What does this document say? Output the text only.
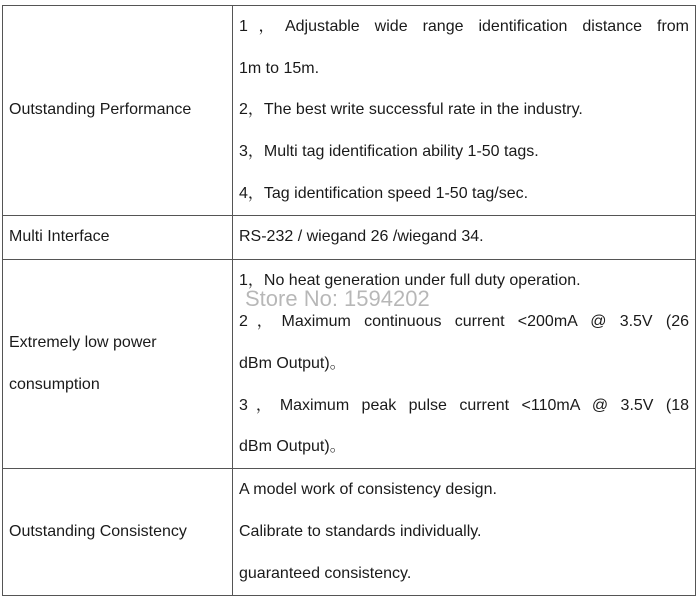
Outstanding Performance	1，Adjustable wide range identification distance from
1m to 15m.
2，The best write successful rate in the industry.
3，Multi tag identification ability 1-50 tags.
4，Tag identification speed 1-50 tag/sec.

Multi Interface	RS-232 / wiegand 26 /wiegand 34.

Extremely low power
consumption	1，No heat generation under full duty operation.
2，Maximum continuous current <200mA @ 3.5V (26
dBm Output)。
3，Maximum peak pulse current <110mA @ 3.5V (18
dBm Output)。

Outstanding Consistency	A model work of consistency design.
Calibrate to standards individually.
guaranteed consistency.
Store No: 1594202
